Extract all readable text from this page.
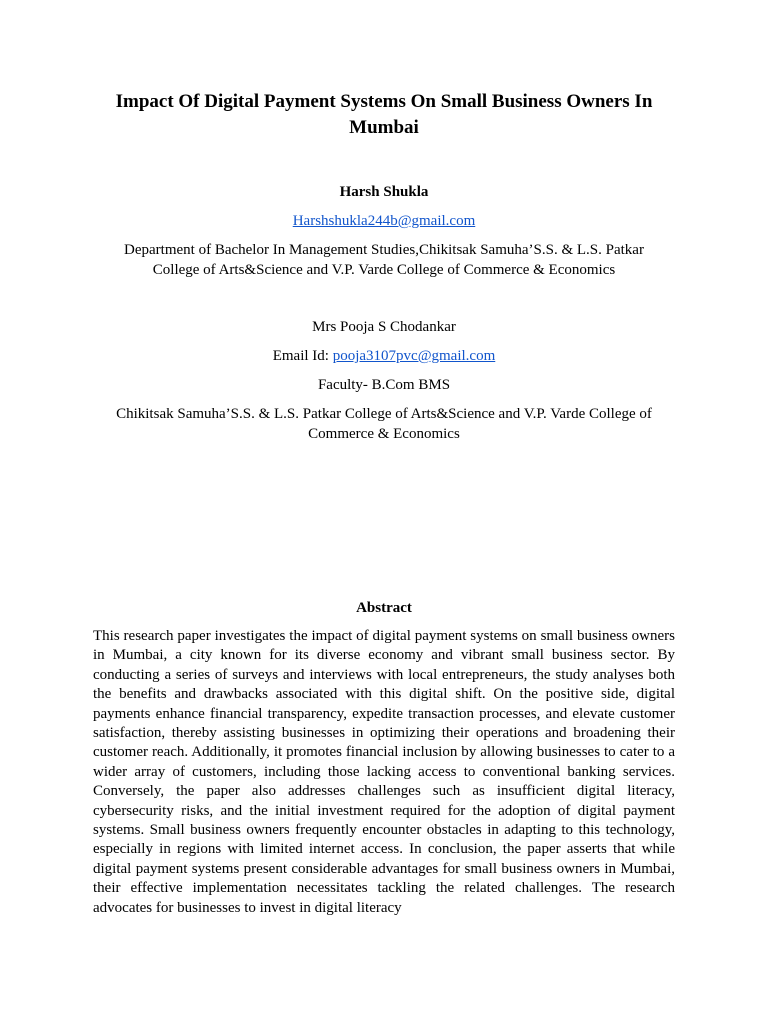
Impact Of Digital Payment Systems On Small Business Owners In Mumbai
Harsh Shukla
Harshshukla244b@gmail.com
Department of Bachelor In Management Studies,Chikitsak Samuha’S.S. & L.S. Patkar
College of Arts&Science and V.P. Varde College of Commerce & Economics
Mrs Pooja S Chodankar
Email Id: pooja3107pvc@gmail.com
Faculty- B.Com BMS
Chikitsak Samuha’S.S. & L.S. Patkar College of Arts&Science and V.P. Varde College of
Commerce & Economics
Abstract
This research paper investigates the impact of digital payment systems on small business owners in Mumbai, a city known for its diverse economy and vibrant small business sector. By conducting a series of surveys and interviews with local entrepreneurs, the study analyses both the benefits and drawbacks associated with this digital shift. On the positive side, digital payments enhance financial transparency, expedite transaction processes, and elevate customer satisfaction, thereby assisting businesses in optimizing their operations and broadening their customer reach. Additionally, it promotes financial inclusion by allowing businesses to cater to a wider array of customers, including those lacking access to conventional banking services. Conversely, the paper also addresses challenges such as insufficient digital literacy, cybersecurity risks, and the initial investment required for the adoption of digital payment systems. Small business owners frequently encounter obstacles in adapting to this technology, especially in regions with limited internet access. In conclusion, the paper asserts that while digital payment systems present considerable advantages for small business owners in Mumbai, their effective implementation necessitates tackling the related challenges. The research advocates for businesses to invest in digital literacy
